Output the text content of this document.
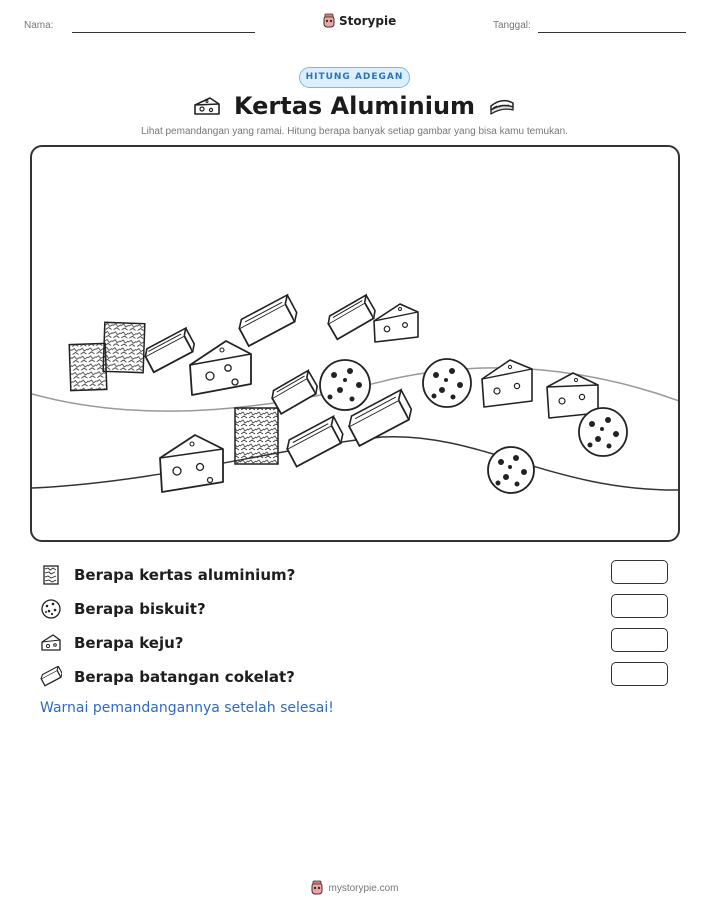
Nama:	Storypie	Tanggal:
HITUNG ADEGAN
Kertas Aluminium
Lihat pemandangan yang ramai. Hitung berapa banyak setiap gambar yang bisa kamu temukan.
Berapa kertas aluminium?
Berapa biskuit?
Berapa keju?
Berapa batangan cokelat?
Warnai pemandangannya setelah selesai!
mystorypie.com
